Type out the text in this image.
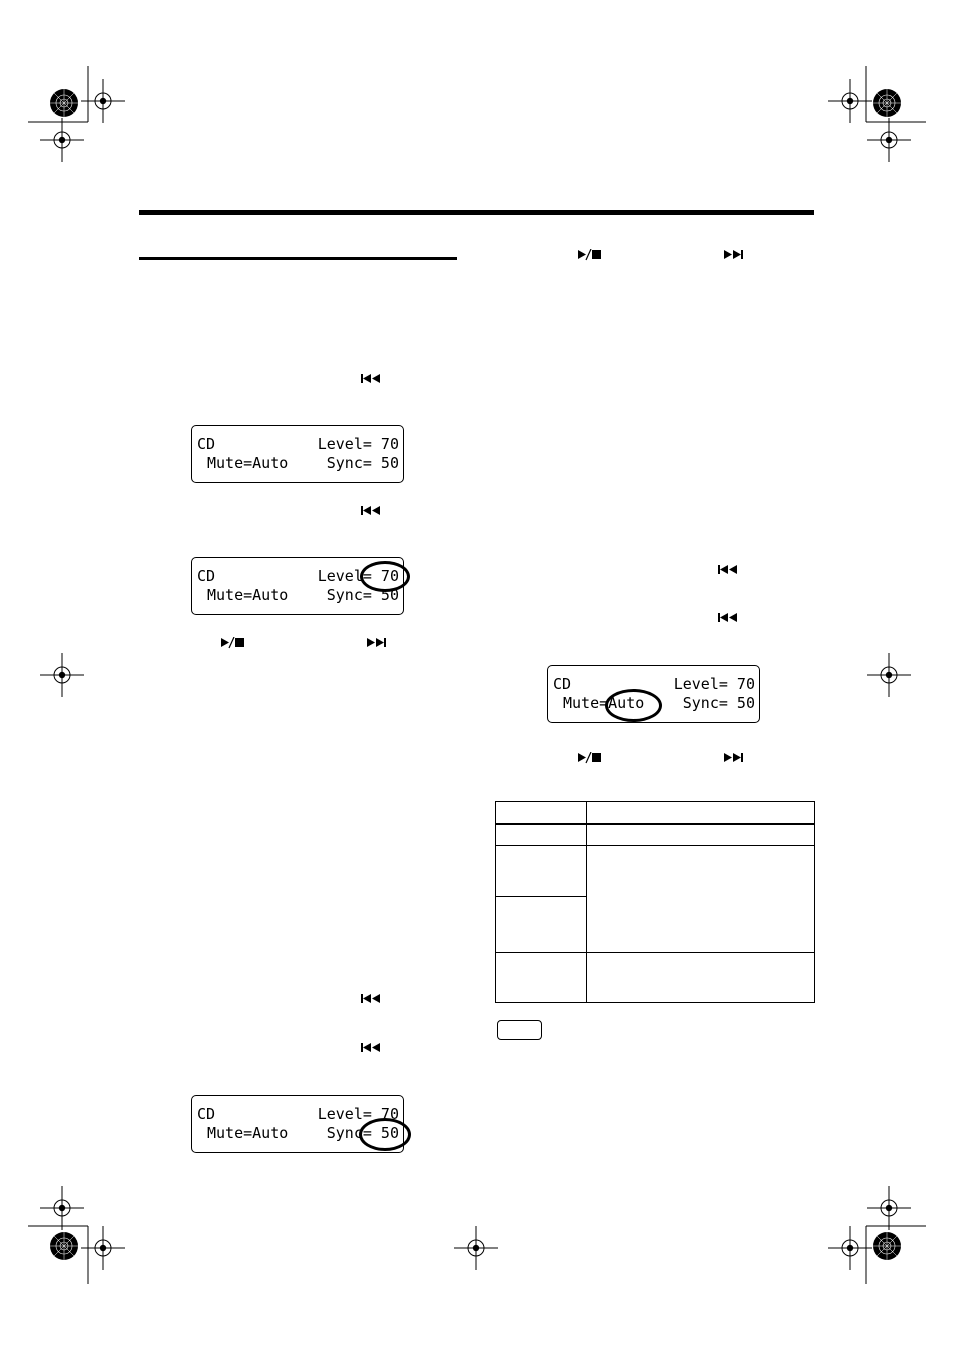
CD	Level= 70
Mute=Auto	Sync= 50
CD	Level= 70
Mute=Auto	Sync= 50
CD	Level= 70
Mute=Auto	Sync= 50
CD	Level= 70
Mute=Auto	Sync= 50
